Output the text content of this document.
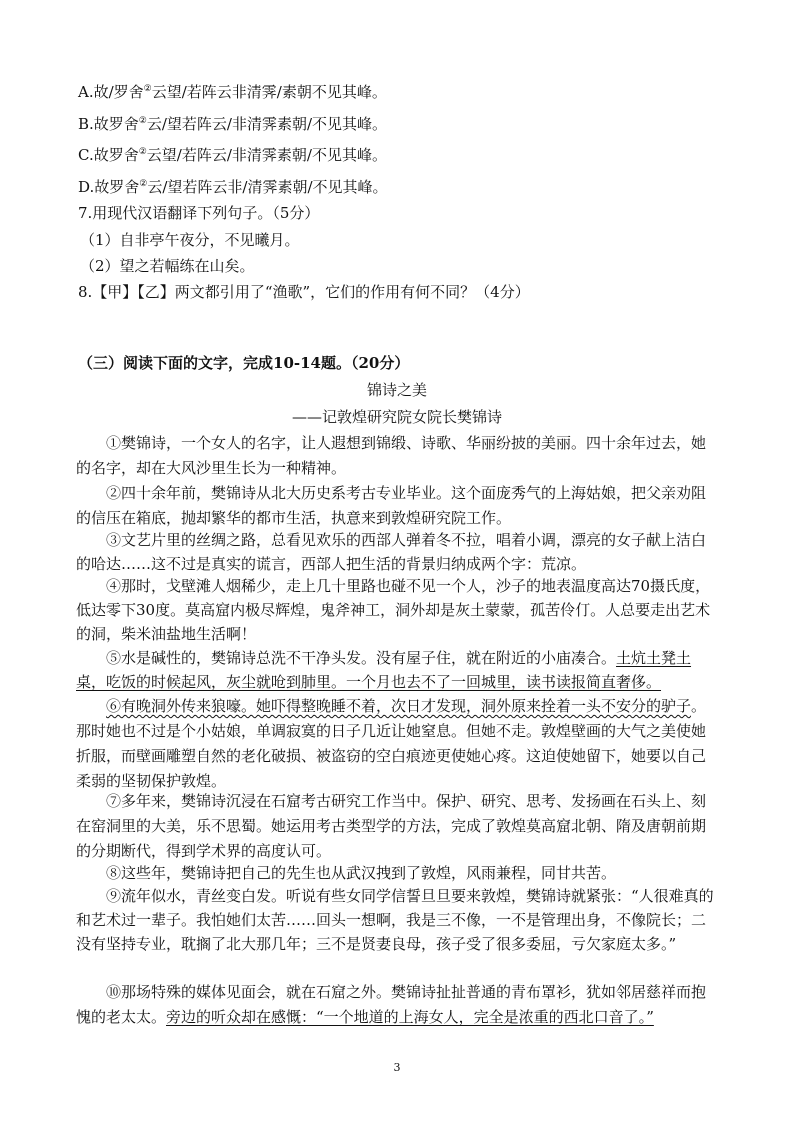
A.故/罗舍②云望/若阵云非清霁/素朝不见其峰。
B.故罗舍②云/望若阵云/非清霁素朝/不见其峰。
C.故罗舍②云望/若阵云/非清霁素朝/不见其峰。
D.故罗舍②云/望若阵云非/清霁素朝/不见其峰。
7.用现代汉语翻译下列句子。（5分）
（1）自非亭午夜分，不见曦月。
（2）望之若幅练在山矣。
8.【甲】【乙】两文都引用了“渔歌”，它们的作用有何不同？（4分）
（三）阅读下面的文字，完成10-14题。（20分）
锦诗之美
——记敦煌研究院女院长樊锦诗
①樊锦诗，一个女人的名字，让人遐想到锦缎、诗歌、华丽纷披的美丽。四十余年过去，她的名字，却在大风沙里生长为一种精神。
②四十余年前，樊锦诗从北大历史系考古专业毕业。这个面庞秀气的上海姑娘，把父亲劝阻的信压在箱底，抛却繁华的都市生活，执意来到敦煌研究院工作。
③文艺片里的丝绸之路，总看见欢乐的西部人弹着冬不拉，唱着小调，漂亮的女子献上洁白的哈达……这不过是真实的谎言，西部人把生活的背景归纳成两个字：荒凉。
④那时，戈壁滩人烟稀少，走上几十里路也碰不见一个人，沙子的地表温度高达70摄氏度，低达零下30度。莫高窟内极尽辉煌，鬼斧神工，洞外却是灰土蒙蒙，孤苦伶仃。人总要走出艺术的洞，柴米油盐地生活啊！
⑤水是碱性的，樊锦诗总洗不干净头发。没有屋子住，就在附近的小庙凑合。土炕土凳土桌，吃饭的时候起风，灰尘就呛到肺里。一个月也去不了一回城里，读书读报简直奢侈。
⑥有晚洞外传来狼嚎。她吓得整晚睡不着，次日才发现，洞外原来拴着一头不安分的驴子。那时她也不过是个小姑娘，单调寂寞的日子几近让她窒息。但她不走。敦煌壁画的大气之美使她折服，而壁画雕塑自然的老化破损、被盗窃的空白痕迹更使她心疼。这迫使她留下，她要以自己柔弱的坚韧保护敦煌。
⑦多年来，樊锦诗沉浸在石窟考古研究工作当中。保护、研究、思考、发扬画在石头上、刻在窑洞里的大美，乐不思蜀。她运用考古类型学的方法，完成了敦煌莫高窟北朝、隋及唐朝前期的分期断代，得到学术界的高度认可。
⑧这些年，樊锦诗把自己的先生也从武汉拽到了敦煌，风雨兼程，同甘共苦。
⑨流年似水，青丝变白发。听说有些女同学信誓旦旦要来敦煌，樊锦诗就紧张：“人很难真的和艺术过一辈子。我怕她们太苦……回头一想啊，我是三不像，一不是管理出身，不像院长；二没有坚持专业，耽搁了北大那几年；三不是贤妻良母，孩子受了很多委屈，亏欠家庭太多。”
⑩那场特殊的媒体见面会，就在石窟之外。樊锦诗扯扯普通的青布罩衫，犹如邻居慈祥而抱愧的老太太。旁边的听众却在感慨：“一个地道的上海女人，完全是浓重的西北口音了。”
3
